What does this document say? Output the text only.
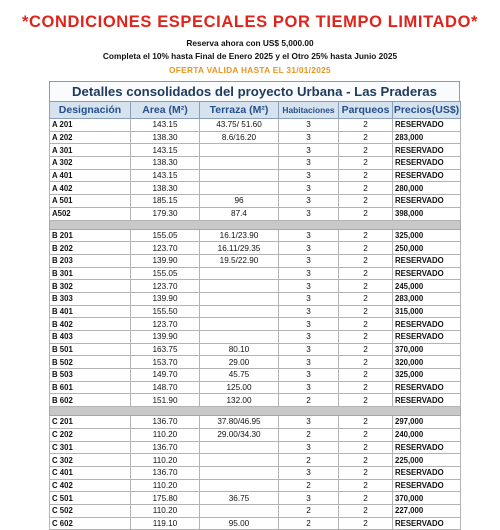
*CONDICIONES ESPECIALES POR TIEMPO LIMITADO*
Reserva ahora con US$ 5,000.00
Completa el 10% hasta Final de Enero 2025 y el Otro 25% hasta Junio 2025
OFERTA VALIDA HASTA EL 31/01/2025
Detalles consolidados del proyecto Urbana - Las Praderas
Designación	Area (M²)	Terraza (M²)	Habitaciones	Parqueos	Precios(US$)
A 201	143.15	43.75/ 51.60	3	2	RESERVADO
A 202	138.30	8.6/16.20	3	2	283,000
A 301	143.15		3	2	RESERVADO
A 302	138.30		3	2	RESERVADO
A 401	143.15		3	2	RESERVADO
A 402	138.30		3	2	280,000
A 501	185.15	96	3	2	RESERVADO
A502	179.30	87.4	3	2	398,000

B 201	155.05	16.1/23.90	3	2	325,000
B 202	123.70	16.11/29.35	3	2	250,000
B 203	139.90	19.5/22.90	3	2	RESERVADO
B 301	155.05		3	2	RESERVADO
B 302	123.70		3	2	245,000
B 303	139.90		3	2	283,000
B 401	155.50		3	2	315,000
B 402	123.70		3	2	RESERVADO
B 403	139.90		3	2	RESERVADO
B 501	163.75	80.10	3	2	370,000
B 502	153.70	29.00	3	2	320,000
B 503	149.70	45.75	3	2	325,000
B 601	148.70	125.00	3	2	RESERVADO
B 602	151.90	132.00	2	2	RESERVADO

C 201	136.70	37.80/46.95	3	2	297,000
C 202	110.20	29.00/34.30	2	2	240,000
C 301	136.70		3	2	RESERVADO
C 302	110.20		2	2	225,000
C 401	136.70		3	2	RESERVADO
C 402	110.20		2	2	RESERVADO
C 501	175.80	36.75	3	2	370,000
C 502	110.20		2	2	227,000
C 602	119.10	95.00	2	2	RESERVADO
